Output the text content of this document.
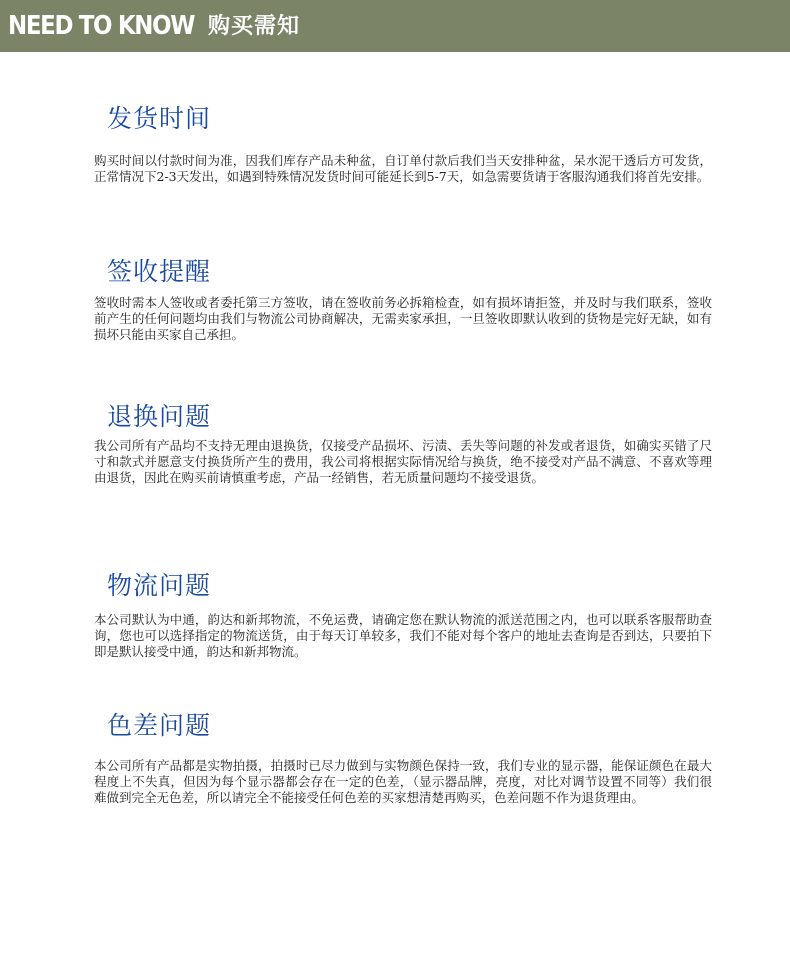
NEED TO KNOW 购买需知
发货时间
购买时间以付款时间为准，因我们库存产品未种盆，自订单付款后我们当天安排种盆，呆水泥干透后方可发货，正常情况下2-3天发出，如遇到特殊情况发货时间可能延长到5-7天，如急需要货请于客服沟通我们将首先安排。
签收提醒
签收时需本人签收或者委托第三方签收，请在签收前务必拆箱检查，如有损坏请拒签，并及时与我们联系，签收前产生的任何问题均由我们与物流公司协商解决，无需卖家承担，一旦签收即默认收到的货物是完好无缺，如有损坏只能由买家自己承担。
退换问题
我公司所有产品均不支持无理由退换货，仅接受产品损坏、污渍、丢失等问题的补发或者退货，如确实买错了尺寸和款式并愿意支付换货所产生的费用，我公司将根据实际情况给与换货，绝不接受对产品不满意、不喜欢等理由退货，因此在购买前请慎重考虑，产品一经销售，若无质量问题均不接受退货。
物流问题
本公司默认为中通，韵达和新邦物流，不免运费，请确定您在默认物流的派送范围之内，也可以联系客服帮助查询，您也可以选择指定的物流送货，由于每天订单较多，我们不能对每个客户的地址去查询是否到达，只要拍下即是默认接受中通，韵达和新邦物流。
色差问题
本公司所有产品都是实物拍摄，拍摄时已尽力做到与实物颜色保持一致，我们专业的显示器，能保证颜色在最大程度上不失真，但因为每个显示器都会存在一定的色差，（显示器品牌，亮度，对比对调节设置不同等）我们很难做到完全无色差，所以请完全不能接受任何色差的买家想清楚再购买，色差问题不作为退货理由。
